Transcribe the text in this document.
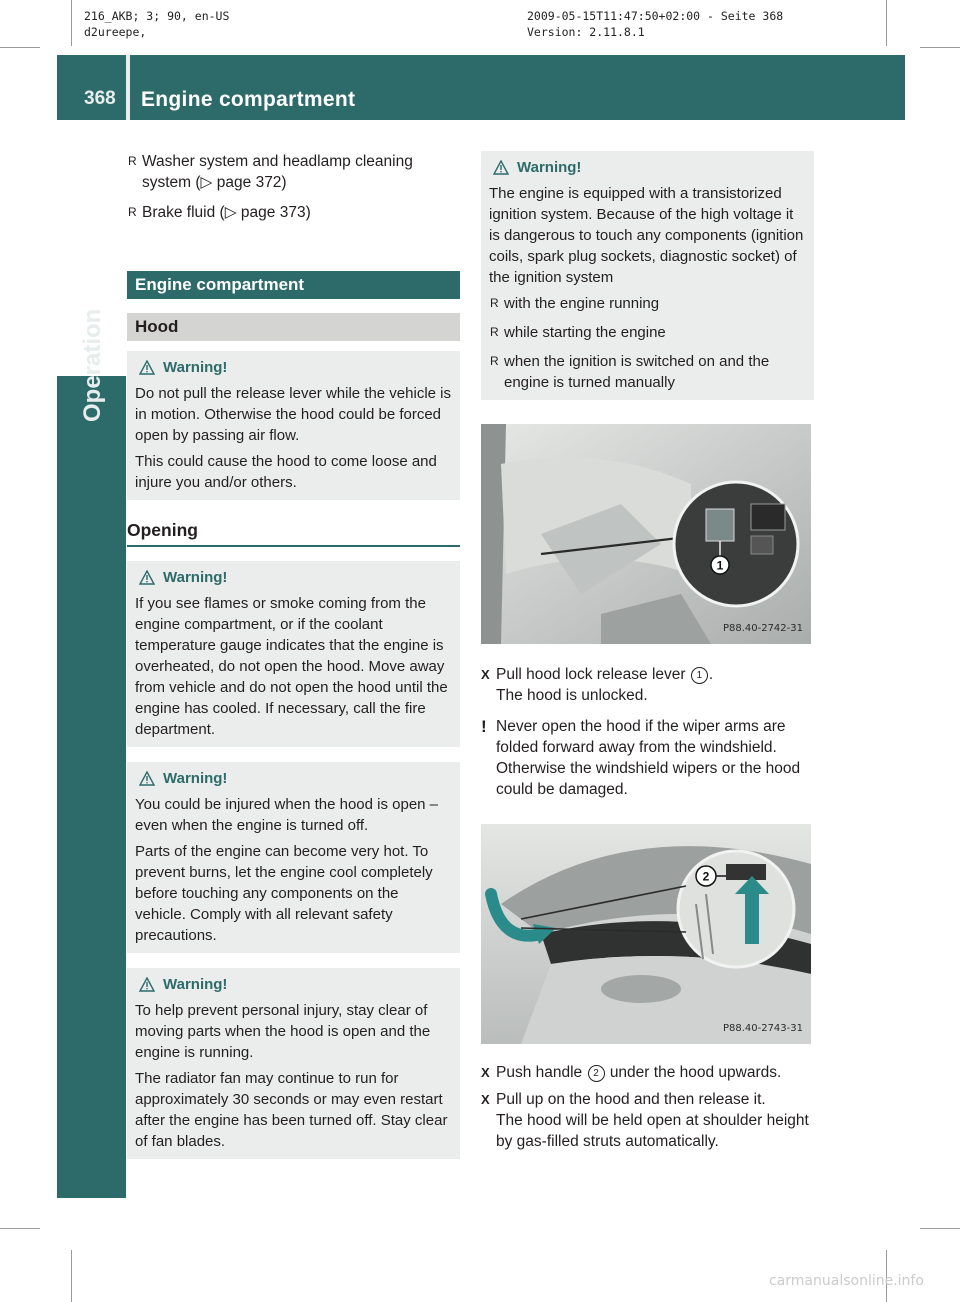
216_AKB; 3; 90, en-US
d2ureepe,
2009-05-15T11:47:50+02:00 - Seite 368
Version: 2.11.8.1
368 Engine compartment
Operation
R Washer system and headlamp cleaning system (▷ page 372)
R Brake fluid (▷ page 373)
Engine compartment
Hood
Warning!

Do not pull the release lever while the vehicle is in motion. Otherwise the hood could be forced open by passing air flow.

This could cause the hood to come loose and injure you and/or others.

Opening
Warning!

If you see flames or smoke coming from the engine compartment, or if the coolant temperature gauge indicates that the engine is overheated, do not open the hood. Move away from vehicle and do not open the hood until the engine has cooled. If necessary, call the fire department.

Warning!

You could be injured when the hood is open – even when the engine is turned off.

Parts of the engine can become very hot. To prevent burns, let the engine cool completely before touching any components on the vehicle. Comply with all relevant safety precautions.

Warning!

To help prevent personal injury, stay clear of moving parts when the hood is open and the engine is running.

The radiator fan may continue to run for approximately 30 seconds or may even restart after the engine has been turned off. Stay clear of fan blades.

Warning!

The engine is equipped with a transistorized ignition system. Because of the high voltage it is dangerous to touch any components (ignition coils, spark plug sockets, diagnostic socket) of the ignition system

R with the engine running
R while starting the engine
R when the ignition is switched on and the engine is turned manually
1
P88.40-2742-31
X Pull hood lock release lever 1 .
The hood is unlocked.
! Never open the hood if the wiper arms are folded forward away from the windshield. Otherwise the windshield wipers or the hood could be damaged.
2
P88.40-2743-31
X Push handle 2 under the hood upwards.
X Pull up on the hood and then release it.
The hood will be held open at shoulder height by gas-filled struts automatically.
carmanualsonline.info
